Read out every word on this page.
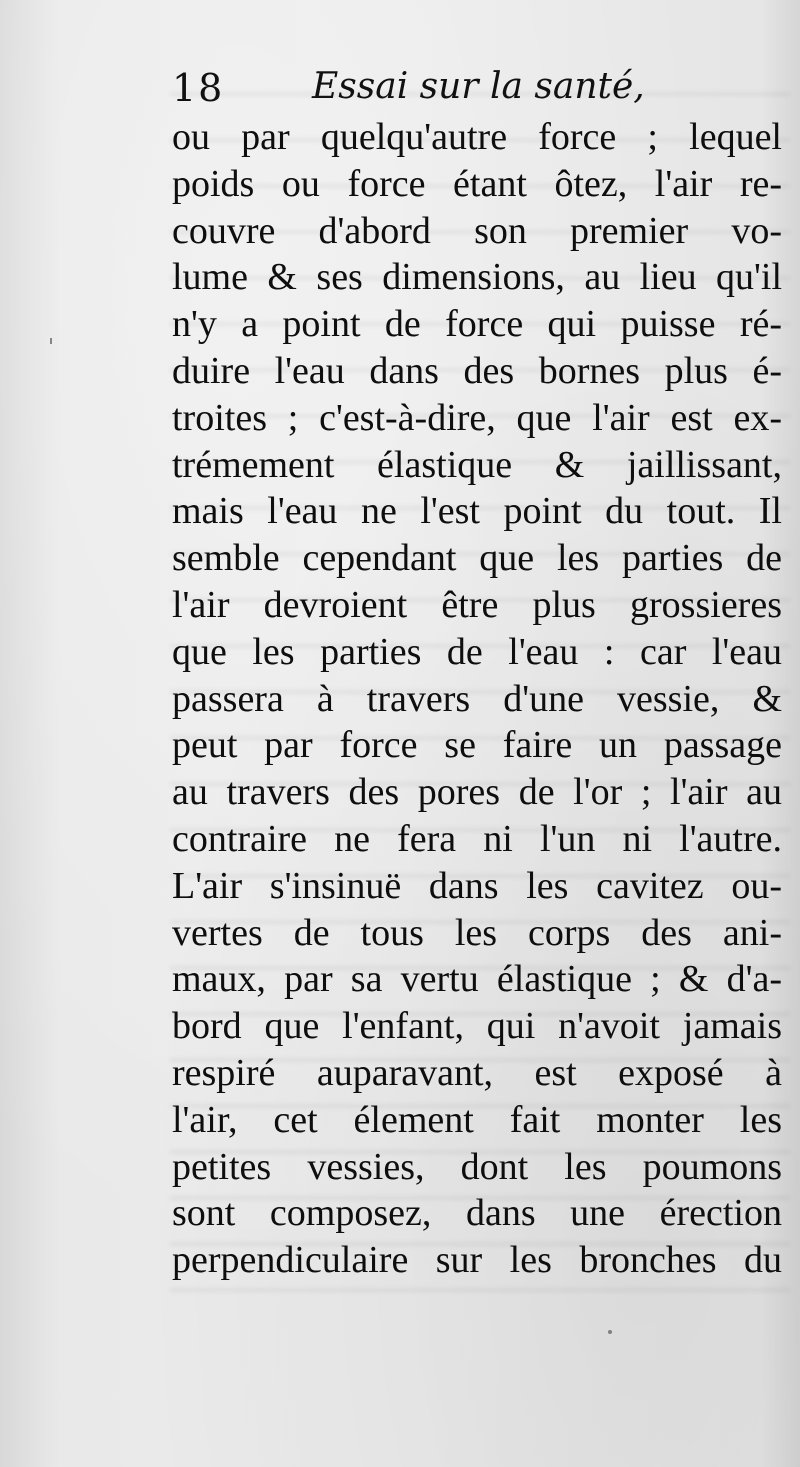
18 Essai sur la santé,
ou par quelqu'autre force ; lequel
poids ou force étant ôtez, l'air re-
couvre d'abord son premier vo-
lume & ses dimensions, au lieu qu'il
n'y a point de force qui puisse ré-
duire l'eau dans des bornes plus é-
troites ; c'est-à-dire, que l'air est ex-
trémement élastique & jaillissant,
mais l'eau ne l'est point du tout. Il
semble cependant que les parties de
l'air devroient être plus grossieres
que les parties de l'eau : car l'eau
passera à travers d'une vessie, &
peut par force se faire un passage
au travers des pores de l'or ; l'air au
contraire ne fera ni l'un ni l'autre.
L'air s'insinuë dans les cavitez ou-
vertes de tous les corps des ani-
maux, par sa vertu élastique ; & d'a-
bord que l'enfant, qui n'avoit jamais
respiré auparavant, est exposé à
l'air, cet élement fait monter les
petites vessies, dont les poumons
sont composez, dans une érection
perpendiculaire sur les bronches du
